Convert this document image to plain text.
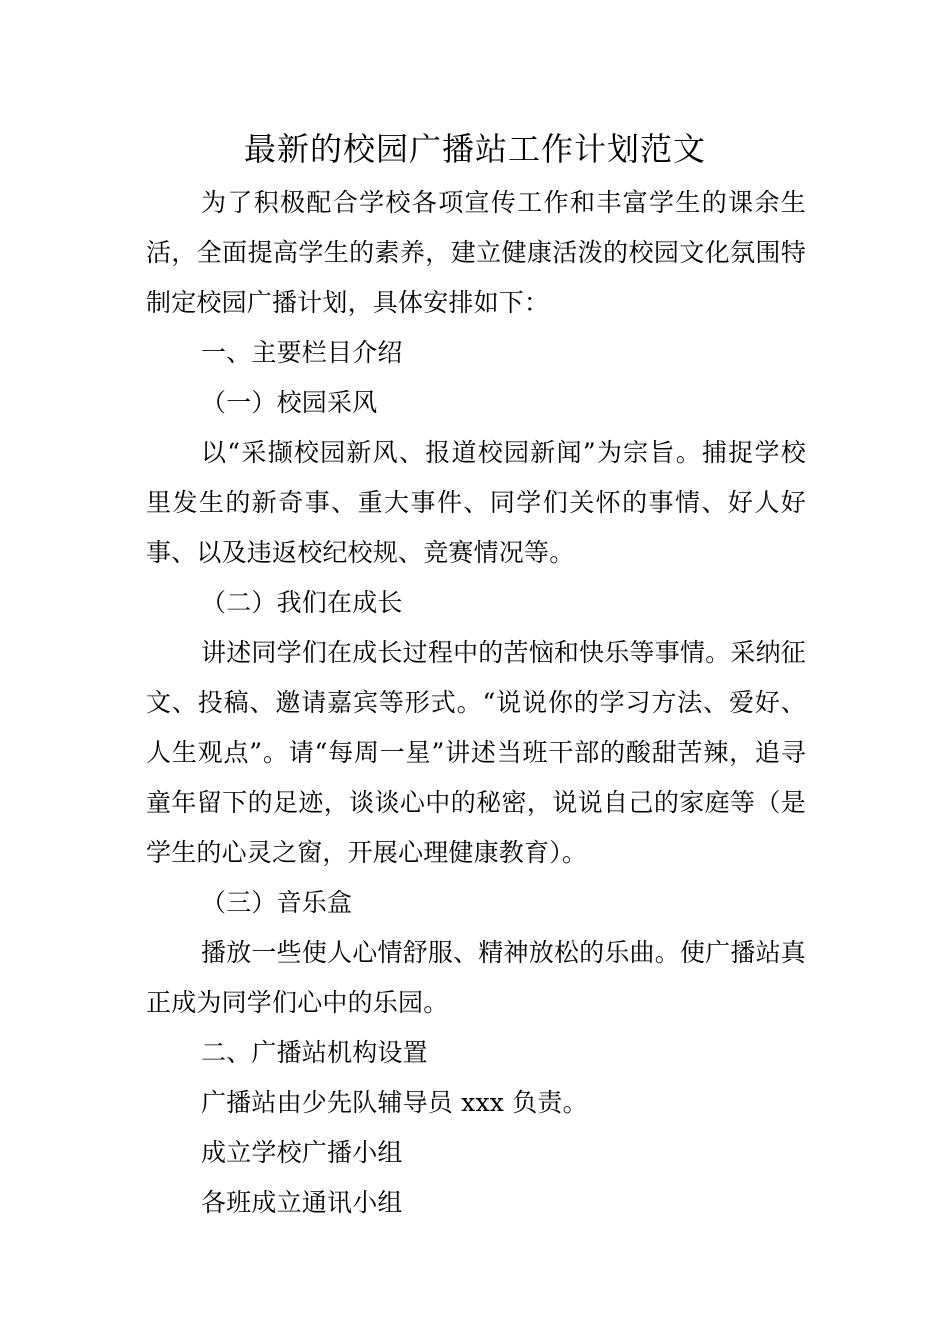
最新的校园广播站工作计划范文

为了积极配合学校各项宣传工作和丰富学生的课余生活，全面提高学生的素养，建立健康活泼的校园文化氛围特制定校园广播计划，具体安排如下：

一、主要栏目介绍

（一）校园采风

以“采撷校园新风、报道校园新闻”为宗旨。捕捉学校里发生的新奇事、重大事件、同学们关怀的事情、好人好事、以及违返校纪校规、竞赛情况等。

（二）我们在成长

讲述同学们在成长过程中的苦恼和快乐等事情。采纳征文、投稿、邀请嘉宾等形式。“说说你的学习方法、爱好、人生观点”。请“每周一星”讲述当班干部的酸甜苦辣，追寻童年留下的足迹，谈谈心中的秘密，说说自己的家庭等（是学生的心灵之窗，开展心理健康教育）。

（三）音乐盒

播放一些使人心情舒服、精神放松的乐曲。使广播站真正成为同学们心中的乐园。

二、广播站机构设置

广播站由少先队辅导员 xxx 负责。

成立学校广播小组

各班成立通讯小组
